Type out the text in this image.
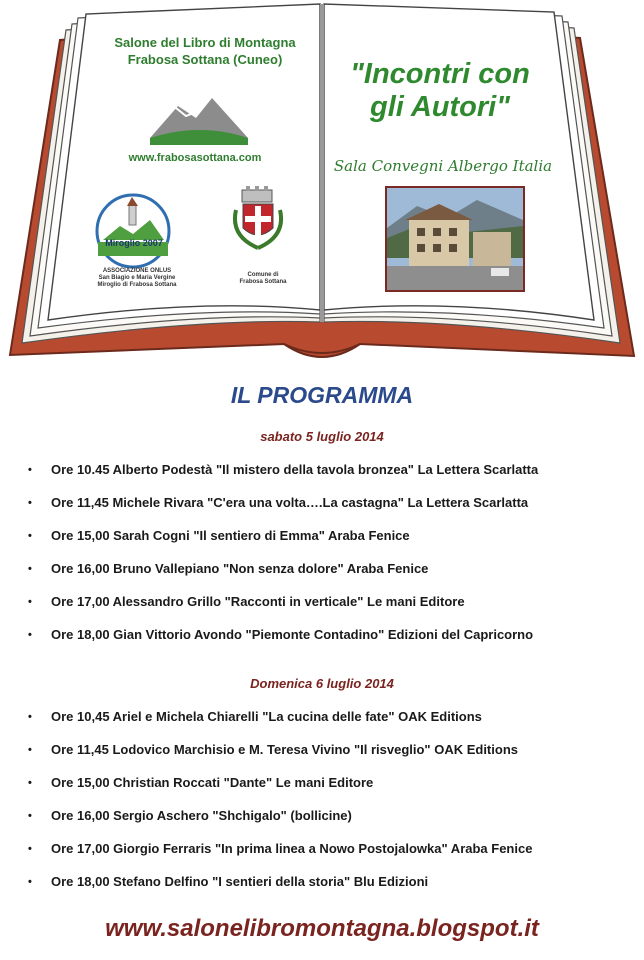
Salone del Libro di Montagna
Frabosa Sottana (Cuneo)
www.frabosasottana.com
Miroglio 2007
ASSOCIAZIONE ONLUS
San Biagio e Maria Vergine
Miroglio di Frabosa Sottana
Comune di
Frabosa Sottana
"Incontri con
gli Autori"
Sala Convegni Albergo Italia
IL PROGRAMMA
sabato 5 luglio 2014
• Ore 10.45 Alberto Podestà "Il mistero della tavola bronzea" La Lettera Scarlatta
• Ore 11,45 Michele Rivara "C'era una volta….La castagna" La Lettera Scarlatta
• Ore 15,00 Sarah Cogni "Il sentiero di Emma" Araba Fenice
• Ore 16,00 Bruno Vallepiano "Non senza dolore" Araba Fenice
• Ore 17,00 Alessandro Grillo "Racconti in verticale" Le mani Editore
• Ore 18,00 Gian Vittorio Avondo "Piemonte Contadino" Edizioni del Capricorno
Domenica 6 luglio 2014
• Ore 10,45 Ariel e Michela Chiarelli "La cucina delle fate" OAK Editions
• Ore 11,45 Lodovico Marchisio e M. Teresa Vivino "Il risveglio" OAK Editions
• Ore 15,00 Christian Roccati "Dante" Le mani Editore
• Ore 16,00 Sergio Aschero "Shchigalo" (bollicine)
• Ore 17,00 Giorgio Ferraris "In prima linea a Nowo Postojalowka" Araba Fenice
• Ore 18,00 Stefano Delfino "I sentieri della storia" Blu Edizioni
www.salonelibromontagna.blogspot.it
